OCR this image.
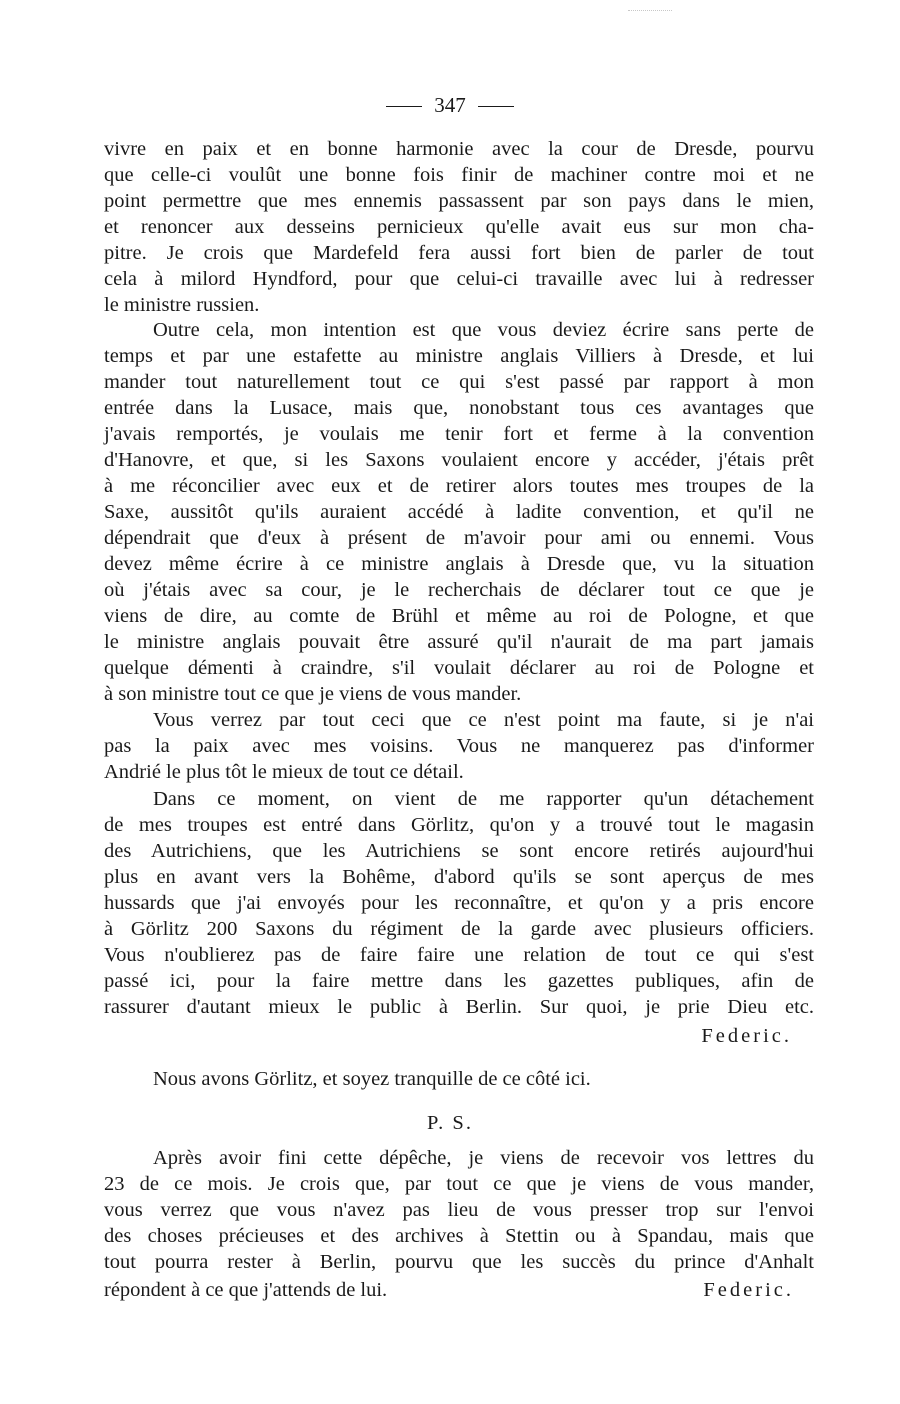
347
vivre en paix et en bonne harmonie avec la cour de Dresde, pourvu
que celle-ci voulût une bonne fois finir de machiner contre moi et ne
point permettre que mes ennemis passassent par son pays dans le mien,
et renoncer aux desseins pernicieux qu'elle avait eus sur mon cha-
pitre. Je crois que Mardefeld fera aussi fort bien de parler de tout
cela à milord Hyndford, pour que celui-ci travaille avec lui à redresser
le ministre russien.
Outre cela, mon intention est que vous deviez écrire sans perte de
temps et par une estafette au ministre anglais Villiers à Dresde, et lui
mander tout naturellement tout ce qui s'est passé par rapport à mon
entrée dans la Lusace, mais que, nonobstant tous ces avantages que
j'avais remportés, je voulais me tenir fort et ferme à la convention
d'Hanovre, et que, si les Saxons voulaient encore y accéder, j'étais prêt
à me réconcilier avec eux et de retirer alors toutes mes troupes de la
Saxe, aussitôt qu'ils auraient accédé à ladite convention, et qu'il ne
dépendrait que d'eux à présent de m'avoir pour ami ou ennemi. Vous
devez même écrire à ce ministre anglais à Dresde que, vu la situation
où j'étais avec sa cour, je le recherchais de déclarer tout ce que je
viens de dire, au comte de Brühl et même au roi de Pologne, et que
le ministre anglais pouvait être assuré qu'il n'aurait de ma part jamais
quelque démenti à craindre, s'il voulait déclarer au roi de Pologne et
à son ministre tout ce que je viens de vous mander.
Vous verrez par tout ceci que ce n'est point ma faute, si je n'ai
pas la paix avec mes voisins. Vous ne manquerez pas d'informer
Andrié le plus tôt le mieux de tout ce détail.
Dans ce moment, on vient de me rapporter qu'un détachement
de mes troupes est entré dans Görlitz, qu'on y a trouvé tout le magasin
des Autrichiens, que les Autrichiens se sont encore retirés aujourd'hui
plus en avant vers la Bohême, d'abord qu'ils se sont aperçus de mes
hussards que j'ai envoyés pour les reconnaître, et qu'on y a pris encore
à Görlitz 200 Saxons du régiment de la garde avec plusieurs officiers.
Vous n'oublierez pas de faire faire une relation de tout ce qui s'est
passé ici, pour la faire mettre dans les gazettes publiques, afin de
rassurer d'autant mieux le public à Berlin. Sur quoi, je prie Dieu etc.
Federic.
Nous avons Görlitz, et soyez tranquille de ce côté ici.
P. S.
Après avoir fini cette dépêche, je viens de recevoir vos lettres du
23 de ce mois. Je crois que, par tout ce que je viens de vous mander,
vous verrez que vous n'avez pas lieu de vous presser trop sur l'envoi
des choses précieuses et des archives à Stettin ou à Spandau, mais que
tout pourra rester à Berlin, pourvu que les succès du prince d'Anhalt
répondent à ce que j'attends de lui.	Federic.
